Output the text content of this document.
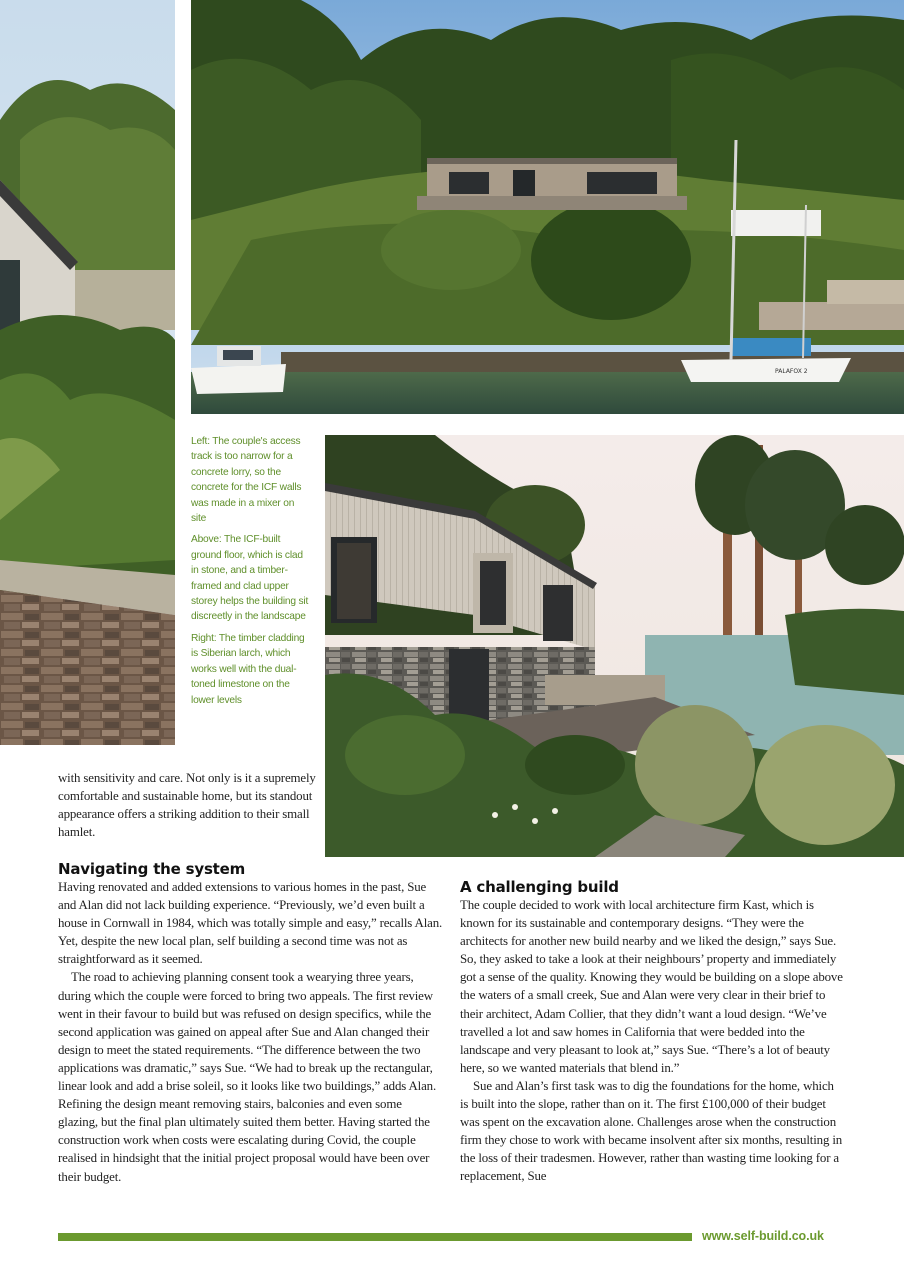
PALAFOX 2

Left: The couple's access track is too narrow for a concrete lorry, so the concrete for the ICF walls was made in a mixer on site

Above: The ICF-built ground floor, which is clad in stone, and a timber-framed and clad upper storey helps the building sit discreetly in the landscape

Right: The timber cladding is Siberian larch, which works well with the dual-toned limestone on the lower levels

with sensitivity and care. Not only is it a supremely comfortable and sustainable home, but its standout appearance offers a striking addition to their small hamlet.
Navigating the system

Having renovated and added extensions to various homes in the past, Sue and Alan did not lack building experience. “Previously, we’d even built a house in Cornwall in 1984, which was totally simple and easy,” recalls Alan. Yet, despite the new local plan, self building a second time was not as straightforward as it seemed.

The road to achieving planning consent took a wearying three years, during which the couple were forced to bring two appeals. The first review went in their favour to build but was refused on design specifics, while the second application was gained on appeal after Sue and Alan changed their design to meet the stated requirements. “The difference between the two applications was dramatic,” says Sue. “We had to break up the rectangular, linear look and add a brise soleil, so it looks like two buildings,” adds Alan. Refining the design meant removing stairs, balconies and even some glazing, but the final plan ultimately suited them better. Having started the construction work when costs were escalating during Covid, the couple realised in hindsight that the initial project proposal would have been over their budget.

A challenging build

The couple decided to work with local architecture firm Kast, which is known for its sustainable and contemporary designs. “They were the architects for another new build nearby and we liked the design,” says Sue. So, they asked to take a look at their neighbours’ property and immediately got a sense of the quality. Knowing they would be building on a slope above the waters of a small creek, Sue and Alan were very clear in their brief to their architect, Adam Collier, that they didn’t want a loud design. “We’ve travelled a lot and saw homes in California that were bedded into the landscape and very pleasant to look at,” says Sue. “There’s a lot of beauty here, so we wanted materials that blend in.”

Sue and Alan’s first task was to dig the foundations for the home, which is built into the slope, rather than on it. The first £100,000 of their budget was spent on the excavation alone. Challenges arose when the construction firm they chose to work with became insolvent after six months, resulting in the loss of their tradesmen. However, rather than wasting time looking for a replacement, Sue

www.self-build.co.uk
